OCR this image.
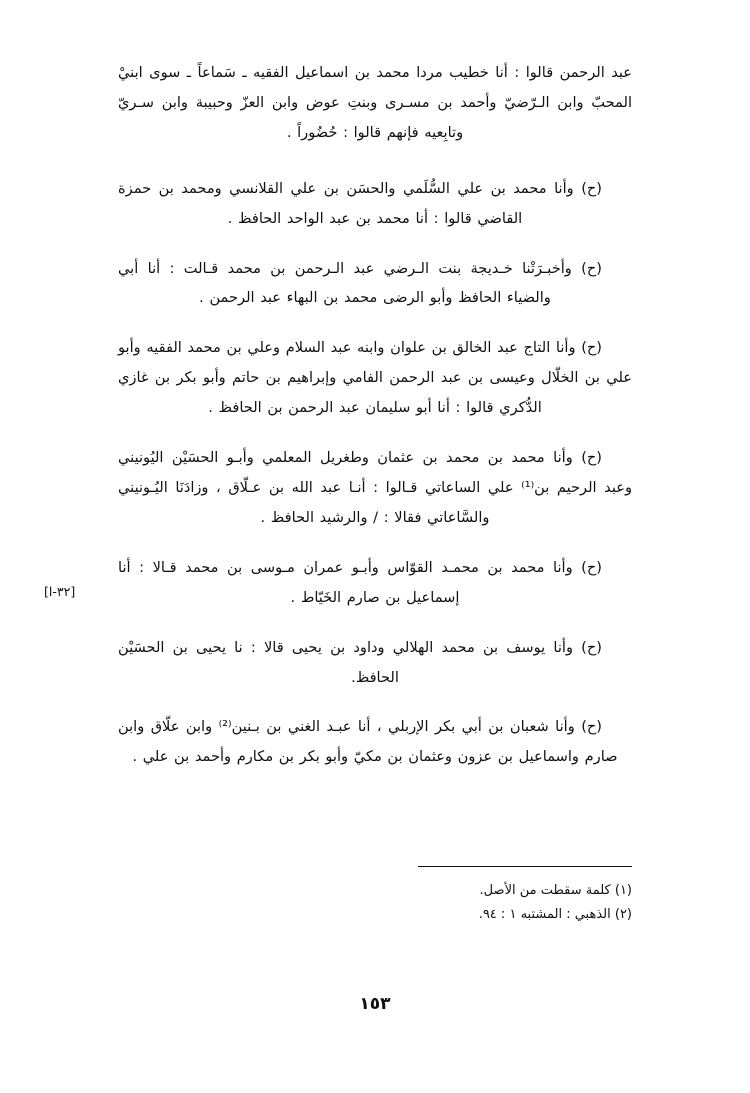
عبد الرحمن قالوا : أنا خطيب مردا محمد بن اسماعيل الفقيه ـ سَماعاً ـ سوى ابنيْ المحبّ وابن الـرّضيّ وأحمد بن مسـرى وبنتِ عوض وابن العزّ وحبيبة وابن سـريّ وتابِعيه فإنهم قالوا : حُضُوراً .

(ح) وأنا محمد بن علي السُّلَمي والحسَن بن علي القلانسي ومحمد بن حمزة القاضي قالوا : أنا محمد بن عبد الواحد الحافظ .

(ح) وأخبـرَتْنا خـديجة بنت الـرضي عبد الـرحمن بن محمد قـالت : أنا أبي والضياء الحافظ وأبو الرضى محمد بن البهاء عبد الرحمن .

(ح) وأنا التاج عبد الخالق بن علوان وابنه عبد السلام وعلي بن محمد الفقيه وأبو علي بن الخلّال وعيسى بن عبد الرحمن الفامي وإبراهيم بن حاتم وأبو بكر بن غازي الدُّكري قالوا : أنا أبو سليمان عبد الرحمن بن الحافظ .

(ح) وأنا محمد بن محمد بن عثمان وطغريل المعلمي وأبـو الحسَيْن اليُونيني وعبد الرحيم بن⁽¹⁾ علي الساعاتي قـالوا : أنـا عبد الله بن عـلّاق ، وزادَنَا اليُـونيني والسَّاعاتي فقالا : / والرشيد الحافظ .

(ح) وأنا محمد بن محمـد القوّاس وأبـو عمران مـوسى بن محمد قـالا : أنا إسماعيل بن صارم الخَيّاط .

(ح) وأنا يوسف بن محمد الهلالي وداود بن يحيى قالا : نا يحيى بن الحسَيْن الحافظ.

(ح) وأنا شعبان بن أبي بكر الإربلي ، أنا عبـد الغني بن بـنين⁽²⁾ وابن علّاق وابن صارم واسماعيل بن عزون وعثمان بن مكيّ وأبو بكر بن مكارم وأحمد بن علي .

[٣٢-ا]
(١) كلمة سقطت من الأصل.
(٢) الذهبي : المشتبه ١ : ٩٤.
١٥٣
